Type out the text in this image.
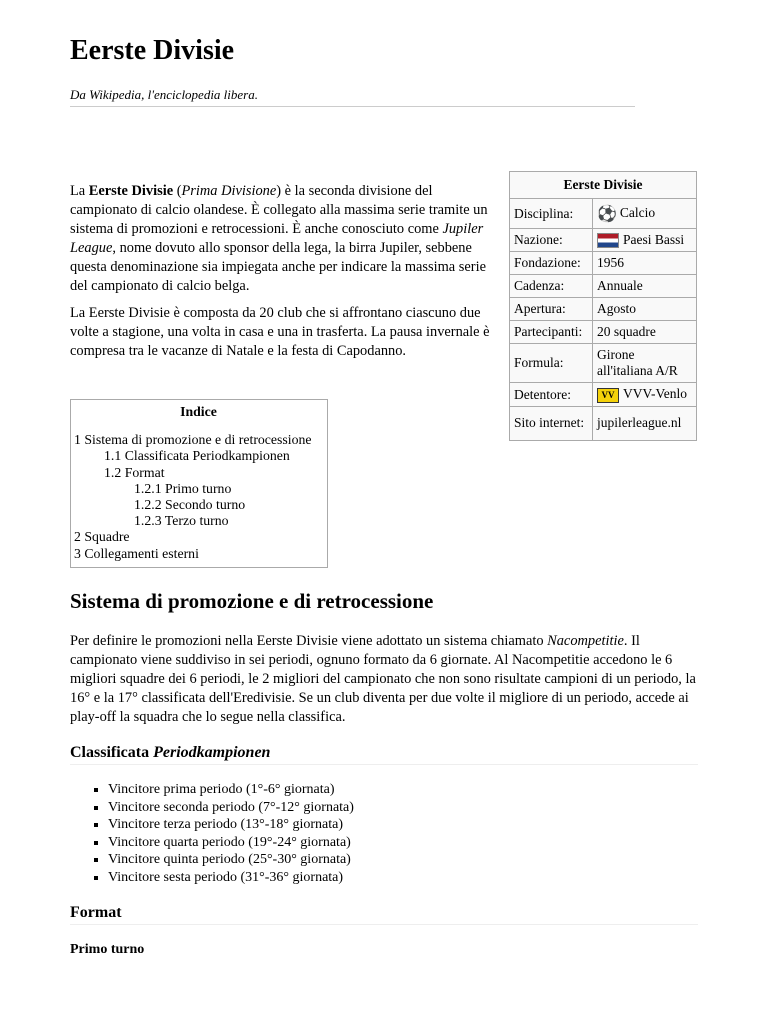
Eerste Divisie
Da Wikipedia, l'enciclopedia libera.

La Eerste Divisie (Prima Divisione) è la seconda divisione del campionato di calcio olandese. È collegato alla massima serie tramite un sistema di promozioni e retrocessioni. È anche conosciuto come Jupiler League, nome dovuto allo sponsor della lega, la birra Jupiler, sebbene questa denominazione sia impiegata anche per indicare la massima serie del campionato di calcio belga.

La Eerste Divisie è composta da 20 club che si affrontano ciascuno due volte a stagione, una volta in casa e una in trasferta. La pausa invernale è compresa tra le vacanze di Natale e la festa di Capodanno.

Eerste Divisie	
Disciplina:	⚽ Calcio
Nazione:	Paesi Bassi
Fondazione:	1956
Cadenza:	Annuale
Apertura:	Agosto
Partecipanti:	20 squadre
Formula:	Girone all'italiana A/R
Detentore:	VV VVV-Venlo
Sito internet:	jupilerleague.nl
Indice
1 Sistema di promozione e di retrocessione
1.1 Classificata Periodkampionen
1.2 Format
1.2.1 Primo turno
1.2.2 Secondo turno
1.2.3 Terzo turno
2 Squadre
3 Collegamenti esterni
Sistema di promozione e di retrocessione
Per definire le promozioni nella Eerste Divisie viene adottato un sistema chiamato Nacompetitie. Il campionato viene suddiviso in sei periodi, ognuno formato da 6 giornate. Al Nacompetitie accedono le 6 migliori squadre dei 6 periodi, le 2 migliori del campionato che non sono risultate campioni di un periodo, la 16° e la 17° classificata dell'Eredivisie. Se un club diventa per due volte il migliore di un periodo, accede ai play-off la squadra che lo segue nella classifica.
Classificata Periodkampionen
▪ Vincitore prima periodo (1°-6° giornata)
▪ Vincitore seconda periodo (7°-12° giornata)
▪ Vincitore terza periodo (13°-18° giornata)
▪ Vincitore quarta periodo (19°-24° giornata)
▪ Vincitore quinta periodo (25°-30° giornata)
▪ Vincitore sesta periodo (31°-36° giornata)
Format
Primo turno
